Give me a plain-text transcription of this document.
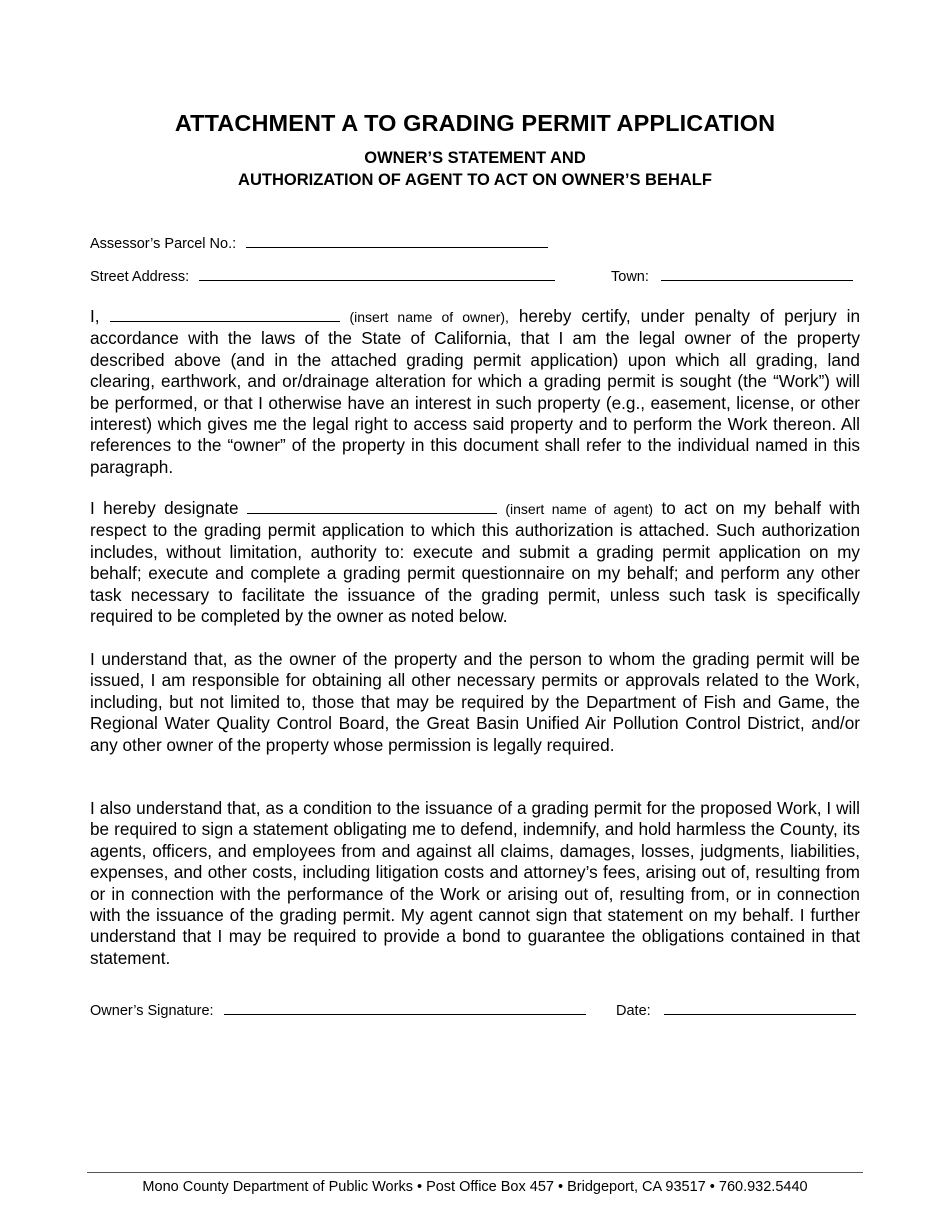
ATTACHMENT A TO GRADING PERMIT APPLICATION
OWNER’S STATEMENT AND
AUTHORIZATION OF AGENT TO ACT ON OWNER’S BEHALF
Assessor’s Parcel No.:
Street Address:	Town:

I,	(insert name of owner), hereby certify, under penalty of perjury in accordance with the laws of the State of California, that I am the legal owner of the property described above (and in the attached grading permit application) upon which all grading, land clearing, earthwork, and or/drainage alteration for which a grading permit is sought (the “Work”) will be performed, or that I otherwise have an interest in such property (e.g., easement, license, or other interest) which gives me the legal right to access said property and to perform the Work thereon. All references to the “owner” of the property in this document shall refer to the individual named in this paragraph.

I hereby designate	(insert name of agent) to act on my behalf with respect to the grading permit application to which this authorization is attached. Such authorization includes, without limitation, authority to: execute and submit a grading permit application on my behalf; execute and complete a grading permit questionnaire on my behalf; and perform any other task necessary to facilitate the issuance of the grading permit, unless such task is specifically required to be completed by the owner as noted below.

I understand that, as the owner of the property and the person to whom the grading permit will be issued, I am responsible for obtaining all other necessary permits or approvals related to the Work, including, but not limited to, those that may be required by the Department of Fish and Game, the Regional Water Quality Control Board, the Great Basin Unified Air Pollution Control District, and/or any other owner of the property whose permission is legally required.

I also understand that, as a condition to the issuance of a grading permit for the proposed Work, I will be required to sign a statement obligating me to defend, indemnify, and hold harmless the County, its agents, officers, and employees from and against all claims, damages, losses, judgments, liabilities, expenses, and other costs, including litigation costs and attorney’s fees, arising out of, resulting from or in connection with the performance of the Work or arising out of, resulting from, or in connection with the issuance of the grading permit. My agent cannot sign that statement on my behalf. I further understand that I may be required to provide a bond to guarantee the obligations contained in that statement.

Owner’s Signature:	Date:
Mono County Department of Public Works • Post Office Box 457 • Bridgeport, CA 93517 • 760.932.5440
